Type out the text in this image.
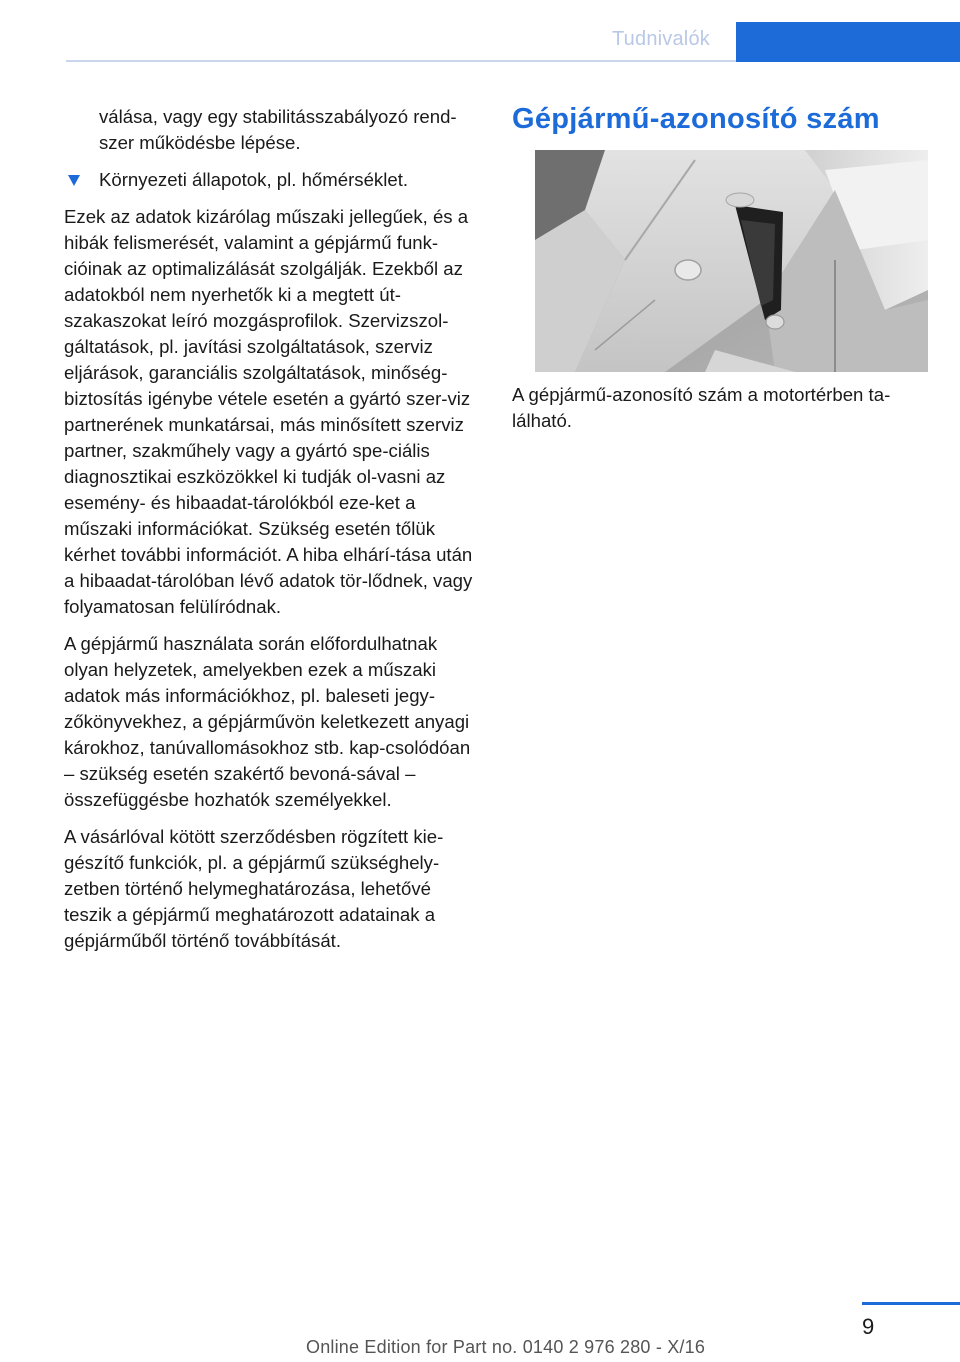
Tudnivalók

válása, vagy egy stabilitásszabályozó rend-szer működésbe lépése.

Környezeti állapotok, pl. hőmérséklet.

Ezek az adatok kizárólag műszaki jellegűek, és a hibák felismerését, valamint a gépjármű funk-cióinak az optimalizálását szolgálják. Ezekből az adatokból nem nyerhetők ki a megtett út-szakaszokat leíró mozgásprofilok. Szervizszol-gáltatások, pl. javítási szolgáltatások, szerviz eljárások, garanciális szolgáltatások, minőség-biztosítás igénybe vétele esetén a gyártó szer-viz partnerének munkatársai, más minősített szerviz partner, szakműhely vagy a gyártó spe-ciális diagnosztikai eszközökkel ki tudják ol-vasni az esemény- és hibaadat-tárolókból eze-ket a műszaki információkat. Szükség esetén tőlük kérhet további információt. A hiba elhárí-tása után a hibaadat-tárolóban lévő adatok tör-lődnek, vagy folyamatosan felülíródnak.

A gépjármű használata során előfordulhatnak olyan helyzetek, amelyekben ezek a műszaki adatok más információkhoz, pl. baleseti jegy-zőkönyvekhez, a gépjárművön keletkezett anyagi károkhoz, tanúvallomásokhoz stb. kap-csolódóan – szükség esetén szakértő bevoná-sával – összefüggésbe hozhatók személyekkel.

A vásárlóval kötött szerződésben rögzített kie-gészítő funkciók, pl. a gépjármű szükséghely-zetben történő helymeghatározása, lehetővé teszik a gépjármű meghatározott adatainak a gépjárműből történő továbbítását.

Gépjármű-azonosító szám
A gépjármű-azonosító szám a motortérben ta-lálható.
9
Online Edition for Part no. 0140 2 976 280 - X/16
